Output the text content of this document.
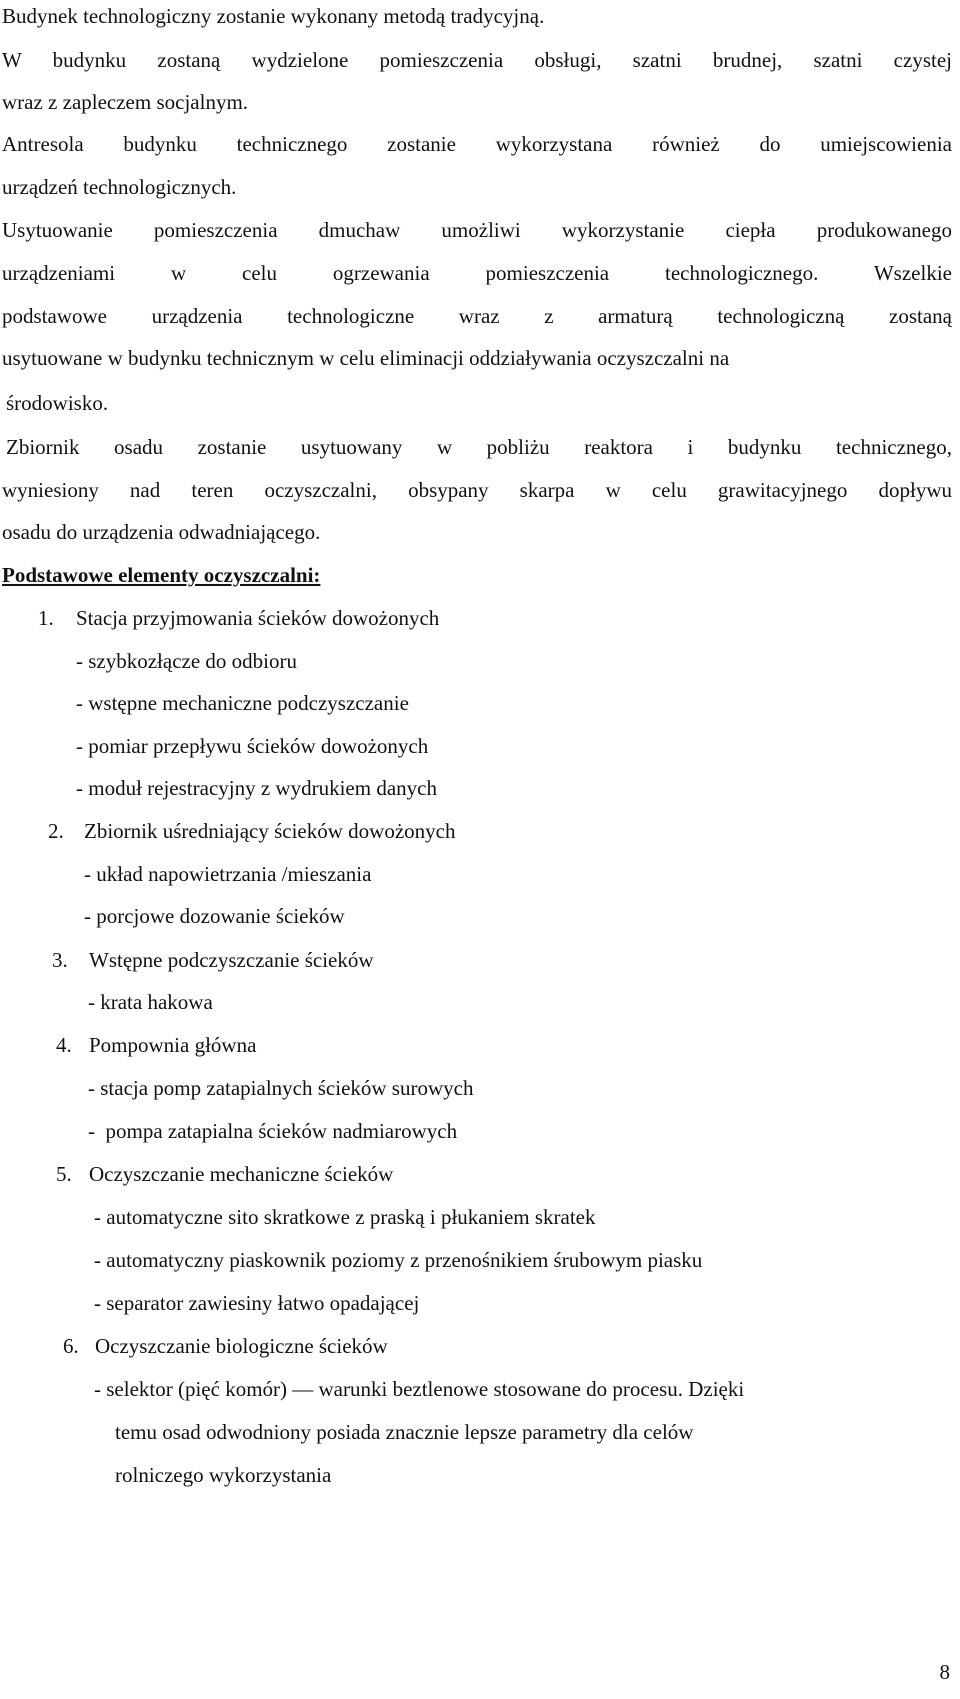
Budynek technologiczny zostanie wykonany metodą tradycyjną.
W budynku zostaną wydzielone pomieszczenia obsługi, szatni brudnej, szatni czystej
wraz z zapleczem socjalnym.
Antresola budynku technicznego zostanie wykorzystana również do umiejscowienia
urządzeń technologicznych.
Usytuowanie pomieszczenia dmuchaw umożliwi wykorzystanie ciepła produkowanego
urządzeniami w celu ogrzewania pomieszczenia technologicznego. Wszelkie
podstawowe urządzenia technologiczne wraz z armaturą technologiczną zostaną
usytuowane w budynku technicznym w celu eliminacji oddziaływania oczyszczalni na
środowisko.
Zbiornik osadu zostanie usytuowany w pobliżu reaktora i budynku technicznego,
wyniesiony nad teren oczyszczalni, obsypany skarpa w celu grawitacyjnego dopływu
osadu do urządzenia odwadniającego.
Podstawowe elementy oczyszczalni:
1. Stacja przyjmowania ścieków dowożonych
- szybkozłącze do odbioru
- wstępne mechaniczne podczyszczanie
- pomiar przepływu ścieków dowożonych
- moduł rejestracyjny z wydrukiem danych
2. Zbiornik uśredniający ścieków dowożonych
- układ napowietrzania /mieszania
- porcjowe dozowanie ścieków
3. Wstępne podczyszczanie ścieków
- krata hakowa
4. Pompownia główna
- stacja pomp zatapialnych ścieków surowych
-  pompa zatapialna ścieków nadmiarowych
5. Oczyszczanie mechaniczne ścieków
- automatyczne sito skratkowe z praską i płukaniem skratek
- automatyczny piaskownik poziomy z przenośnikiem śrubowym piasku
- separator zawiesiny łatwo opadającej
6. Oczyszczanie biologiczne ścieków
- selektor (pięć komór) — warunki beztlenowe stosowane do procesu. Dzięki
temu osad odwodniony posiada znacznie lepsze parametry dla celów
rolniczego wykorzystania
8
